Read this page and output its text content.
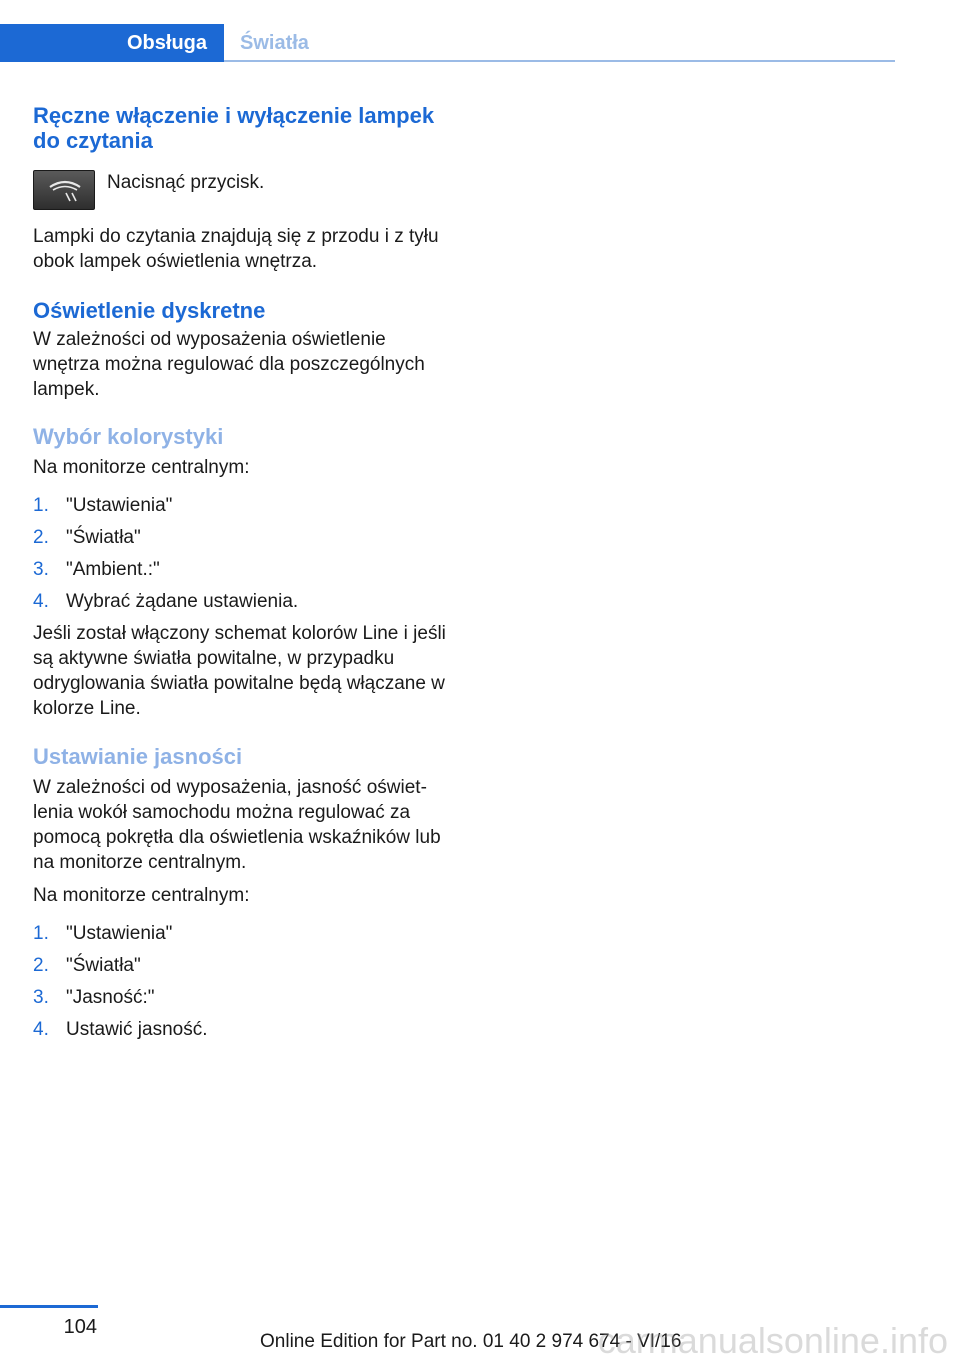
Obsługa Światła
Ręczne włączenie i wyłączenie lampek do czytania

Nacisnąć przycisk.

Lampki do czytania znajdują się z przodu i z tyłu obok lampek oświetlenia wnętrza.

Oświetlenie dyskretne

W zależności od wyposażenia oświetlenie wnętrza można regulować dla poszczególnych lampek.

Wybór kolorystyki

Na monitorze centralnym:

1. "Ustawienia"
2. "Światła"
3. "Ambient.:"
4. Wybrać żądane ustawienia.

Jeśli został włączony schemat kolorów Line i jeśli są aktywne światła powitalne, w przypadku odryglowania światła powitalne będą włączane w kolorze Line.

Ustawianie jasności

W zależności od wyposażenia, jasność oświetlenia wokół samochodu można regulować za pomocą pokrętła dla oświetlenia wskaźników lub na monitorze centralnym.

Na monitorze centralnym:

1. "Ustawienia"
2. "Światła"
3. "Jasność:"
4. Ustawić jasność.
104
Online Edition for Part no. 01 40 2 974 674 - VI/16
carmanualsonline.info
